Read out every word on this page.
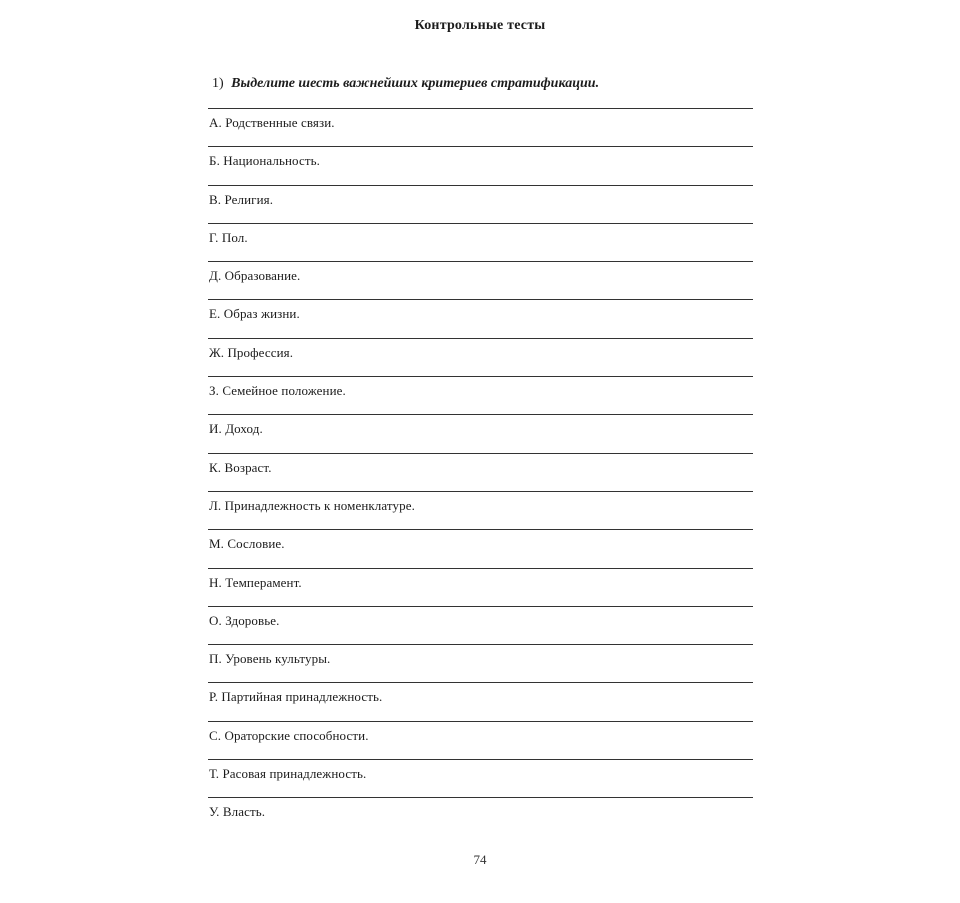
Контрольные тесты
1) Выделите шесть важнейших критериев стратификации.
А. Родственные связи.
Б. Национальность.
В. Религия.
Г. Пол.
Д. Образование.
Е. Образ жизни.
Ж. Профессия.
З. Семейное положение.
И. Доход.
К. Возраст.
Л. Принадлежность к номенклатуре.
М. Сословие.
Н. Темперамент.
О. Здоровье.
П. Уровень культуры.
Р. Партийная принадлежность.
С. Ораторские способности.
Т. Расовая принадлежность.
У. Власть.
74
